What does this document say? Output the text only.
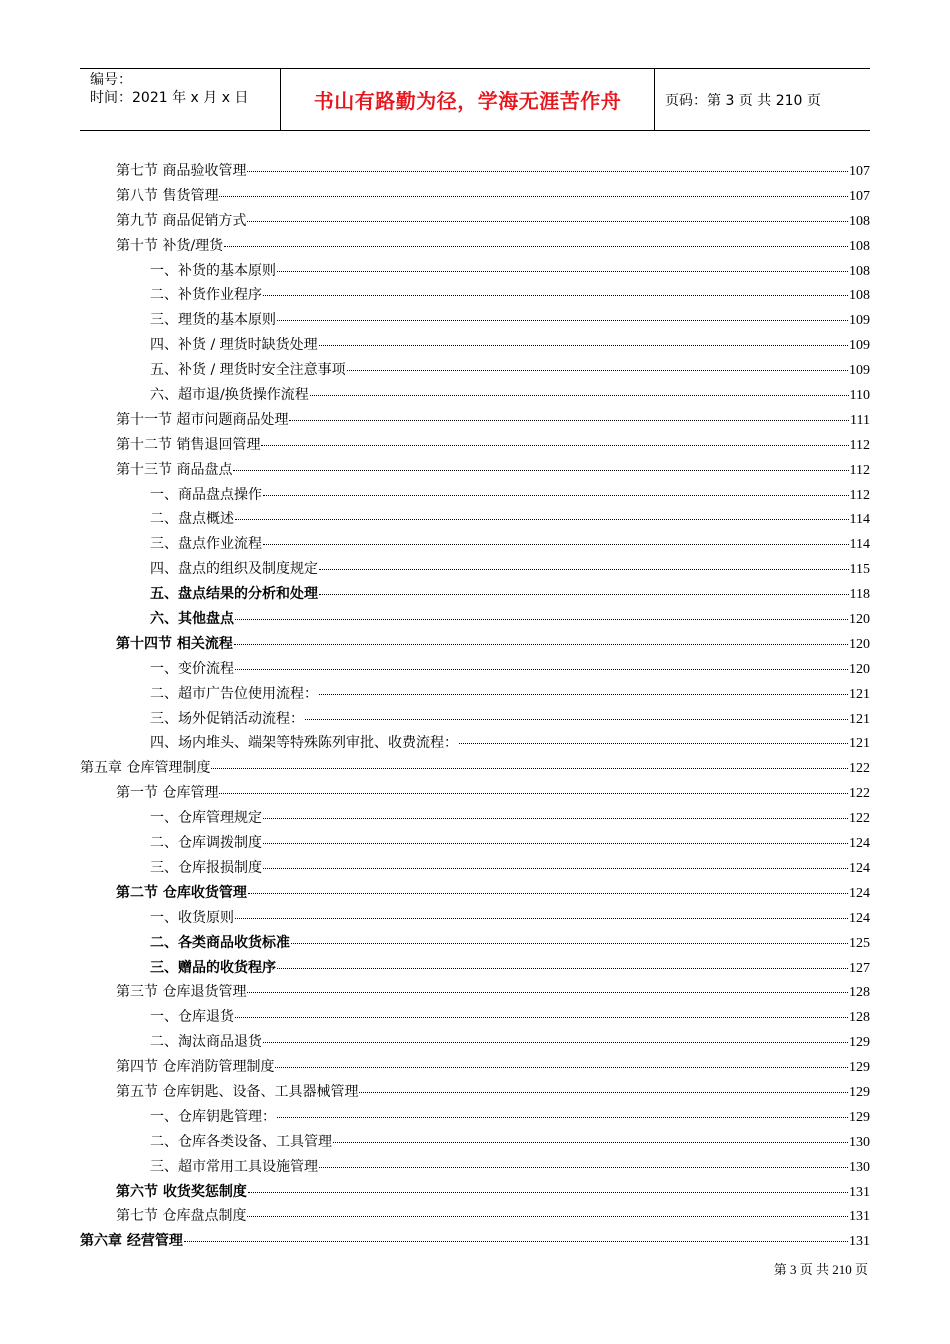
编号：
时间：2021 年 x 月 x 日	书山有路勤为径，学海无涯苦作舟	页码：第 3 页 共 210 页
第七节 商品验收管理	107
第八节 售货管理	107
第九节 商品促销方式	108
第十节 补货/理货	108
一、补货的基本原则	108
二、补货作业程序	108
三、理货的基本原则	109
四、补货 / 理货时缺货处理	109
五、补货 / 理货时安全注意事项	109
六、超市退/换货操作流程	110
第十一节 超市问题商品处理	111
第十二节 销售退回管理	112
第十三节 商品盘点	112
一、商品盘点操作	112
二、盘点概述	114
三、盘点作业流程	114
四、盘点的组织及制度规定	115
五、盘点结果的分析和处理	118
六、其他盘点	120
第十四节 相关流程	120
一、变价流程	120
二、超市广告位使用流程：	121
三、场外促销活动流程：	121
四、场内堆头、端架等特殊陈列审批、收费流程：	121
第五章 仓库管理制度	122
第一节 仓库管理	122
一、仓库管理规定	122
二、仓库调拨制度	124
三、仓库报损制度	124
第二节 仓库收货管理	124
一、收货原则	124
二、各类商品收货标准	125
三、赠品的收货程序	127
第三节 仓库退货管理	128
一、仓库退货	128
二、淘汰商品退货	129
第四节 仓库消防管理制度	129
第五节 仓库钥匙、设备、工具器械管理	129
一、仓库钥匙管理：	129
二、仓库各类设备、工具管理	130
三、超市常用工具设施管理	130
第六节 收货奖惩制度	131
第七节 仓库盘点制度	131
第六章 经营管理	131
第 3 页 共 210 页
